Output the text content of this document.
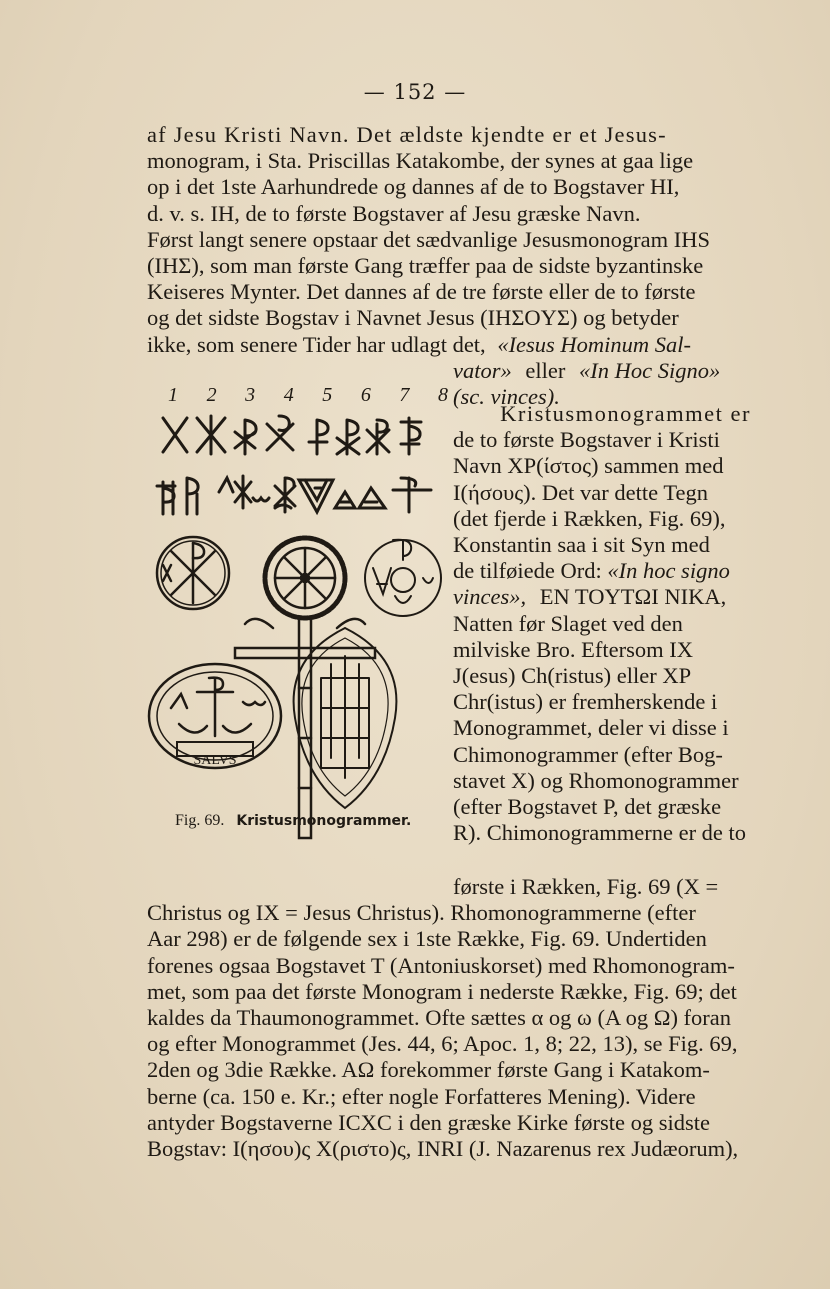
— 152 —

af Jesu Kristi Navn. Det ældste kjendte er et Jesus-

monogram, i Sta. Priscillas Katakombe, der synes at gaa lige

op i det 1ste Aarhundrede og dannes af de to Bogstaver HI,

d. v. s. IH, de to første Bogstaver af Jesu græske Navn.

Først langt senere opstaar det sædvanlige Jesusmonogram IHS

(IHΣ), som man første Gang træffer paa de sidste byzantinske

Keiseres Mynter. Det dannes af de tre første eller de to første

og det sidste Bogstav i Navnet Jesus (IHΣOYΣ) og betyder

ikke, som senere Tider har udlagt det, «Iesus Hominum Sal-

vator» eller «In Hoc Signo»

(sc. vinces).

1 2 3 4 5 6 7 8
SALVS
Fig. 69. Kristusmonogrammer.

Kristusmonogrammet er

de to første Bogstaver i Kristi

Navn XP(ίστος) sammen med

I(ήσους). Det var dette Tegn

(det fjerde i Rækken, Fig. 69),

Konstantin saa i sit Syn med

de tilføiede Ord: «In hoc signo

vinces», EN TOYTΩI NIKA,

Natten før Slaget ved den

milviske Bro. Eftersom IX

J(esus) Ch(ristus) eller XP

Chr(istus) er fremherskende i

Monogrammet, deler vi disse i

Chimonogrammer (efter Bog-

stavet X) og Rhomonogrammer

(efter Bogstavet P, det græske

R). Chimonogrammerne er de to

første i Rækken, Fig. 69 (X =

Christus og IX = Jesus Christus). Rhomonogrammerne (efter

Aar 298) er de følgende sex i 1ste Række, Fig. 69. Undertiden

forenes ogsaa Bogstavet T (Antoniuskorset) med Rhomonogram-

met, som paa det første Monogram i nederste Række, Fig. 69; det

kaldes da Thaumonogrammet. Ofte sættes α og ω (A og Ω) foran

og efter Monogrammet (Jes. 44, 6; Apoc. 1, 8; 22, 13), se Fig. 69,

2den og 3die Række. AΩ forekommer første Gang i Katakom-

berne (ca. 150 e. Kr.; efter nogle Forfatteres Mening). Videre

antyder Bogstaverne ICXC i den græske Kirke første og sidste

Bogstav: I(ησου)ς X(ριστο)ς, INRI (J. Nazarenus rex Judæorum),
